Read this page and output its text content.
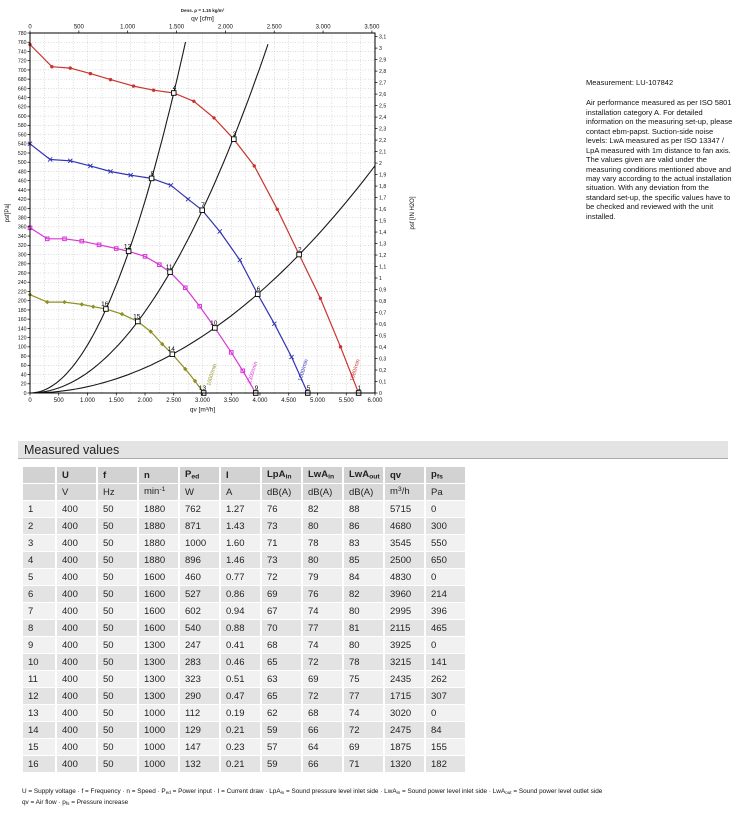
1880/min
1600/min
1300/min
1000/min
1
2
3
4
5
6
7
8
9
10
11
12
13
14
15
16
0
20
40
60
80
100
120
140
160
180
200
220
240
260
280
300
320
340
360
380
400
420
440
460
480
500
520
540
560
580
600
620
640
660
680
700
720
740
760
780
0
0,1
0,2
0,3
0,4
0,5
0,6
0,7
0,8
0,9
1
1,1
1,2
1,3
1,4
1,5
1,6
1,7
1,8
1,9
2
2,1
2,2
2,3
2,4
2,5
2,6
2,7
2,8
2,9
3
3,1
0	500	1.000	1.500	2.000	2.500	3.000	3.500
0	500	1.000 1.500 2.000 2.500 3.000 3.500 4.000 4.500 5.000 5.500 6.000
Dens. ρ = 1.15 kg/m³
qv [cfm]
qv [m³/h]
psf[Pa]	psf [IN H2O]

Measurement: LU-107842

Air performance measured as per ISO 5801 installation category A. For detailed information on the measuring set-up, please contact ebm-papst. Suction-side noise levels: LwA measured as per ISO 13347 / LpA measured with 1m distance to fan axis. The values given are valid under the measuring conditions mentioned above and may vary according to the actual installation situation. With any deviation from the standard set-up, the specific values have to be checked and reviewed with the unit installed.

Measured values
	U	f	n	$P_{ed}$	I	LpA$_{in}$	LwA$_{in}$	LwA$_{out}$	qv	$p_{fs}$
	V	Hz	$\min^{-1}$	W	A	dB(A)	dB(A)	dB(A)	$m^3/h$	Pa
1	400	50	1880	762	1.27	76	82	88	5715	0
2	400	50	1880	871	1.43	73	80	86	4680	300
3	400	50	1880	1000	1.60	71	78	83	3545	550
4	400	50	1880	896	1.46	73	80	85	2500	650
5	400	50	1600	460	0.77	72	79	84	4830	0
6	400	50	1600	527	0.86	69	76	82	3960	214
7	400	50	1600	602	0.94	67	74	80	2995	396
8	400	50	1600	540	0.88	70	77	81	2115	465
9	400	50	1300	247	0.41	68	74	80	3925	0
10	400	50	1300	283	0.46	65	72	78	3215	141
11	400	50	1300	323	0.51	63	69	75	2435	262
12	400	50	1300	290	0.47	65	72	77	1715	307
13	400	50	1000	112	0.19	62	68	74	3020	0
14	400	50	1000	129	0.21	59	66	72	2475	84
15	400	50	1000	147	0.23	57	64	69	1875	155
16	400	50	1000	132	0.21	59	66	71	1320	182

U = Supply voltage · f = Frequency · n = Speed · $P_{ed}$ = Power input · I = Current draw · LpA$_{in}$ = Sound pressure level inlet side · LwA$_{in}$ = Sound power level inlet side · LwA$_{out}$ = Sound power level outlet side

qv = Air flow · $p_{fs}$ = Pressure increase
